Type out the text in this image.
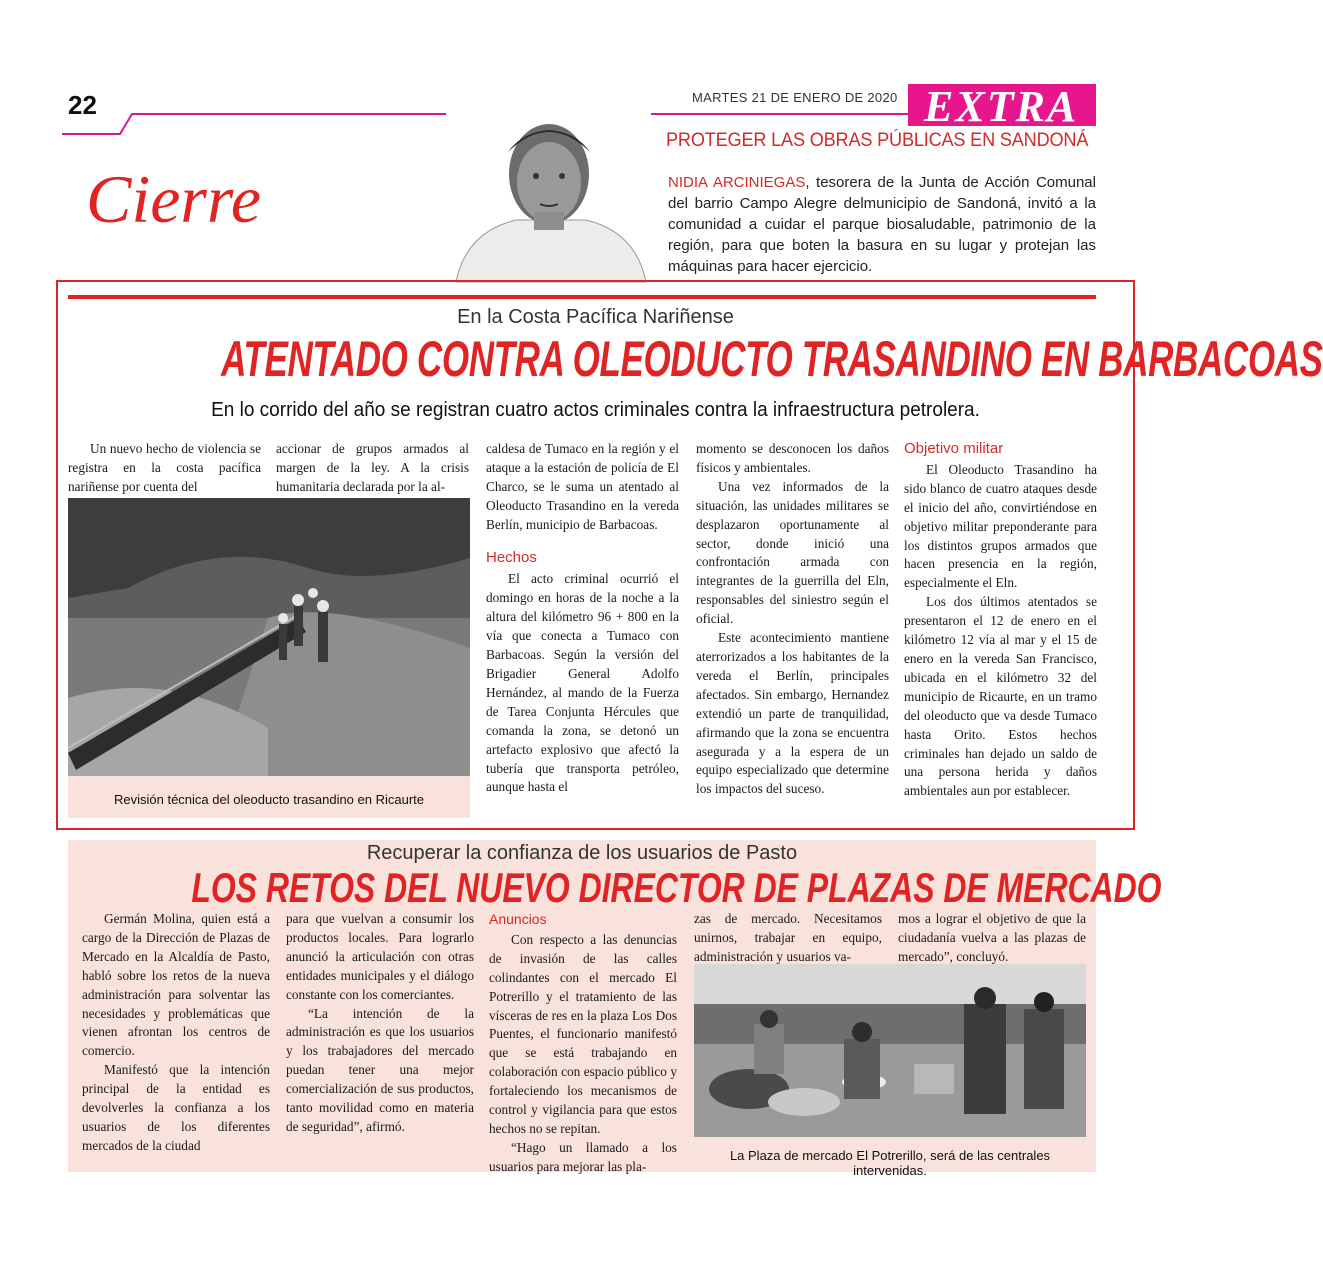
22	MARTES 21 DE ENERO DE 2020 EXTRA
Cierre
PROTEGER LAS OBRAS PÚBLICAS EN SANDONÁ
NIDIA ARCINIEGAS, tesorera de la Junta de Acción Comunal del barrio Campo Alegre delmunicipio de Sandoná, invitó a la comunidad a cuidar el parque biosaludable, patrimonio de la región, para que boten la basura en su lugar y protejan las máquinas para hacer ejercicio.
En la Costa Pacífica Nariñense
ATENTADO CONTRA OLEODUCTO TRASANDINO EN BARBACOAS
En lo corrido del año se registran cuatro actos criminales contra la infraestructura petrolera.

Un nuevo hecho de violencia se registra en la costa pacífica nariñense por cuenta del

accionar de grupos armados al margen de la ley. A la crisis humanitaria declarada por la al-

Revisión técnica del oleoducto trasandino en Ricaurte

caldesa de Tumaco en la región y el ataque a la estación de policía de El Charco, se le suma un atentado al Oleoducto Trasandino en la vereda Berlín, municipio de Barbacoas.

Hechos

El acto criminal ocurrió el domingo en horas de la noche a la altura del kilómetro 96 + 800 en la vía que conecta a Tumaco con Barbacoas. Según la versión del Brigadier General Adolfo Hernández, al mando de la Fuerza de Tarea Conjunta Hércules que comanda la zona, se detonó un artefacto explosivo que afectó la tubería que transporta petróleo, aunque hasta el

momento se desconocen los daños físicos y ambientales.

Una vez informados de la situación, las unidades militares se desplazaron oportunamente al sector, donde inició una confrontación armada con integrantes de la guerrilla del Eln, responsables del siniestro según el oficial.

Este acontecimiento mantiene aterrorizados a los habitantes de la vereda el Berlín, principales afectados. Sin embargo, Hernandez extendió un parte de tranquilidad, afirmando que la zona se encuentra asegurada y a la espera de un equipo especializado que determine los impactos del suceso.

Objetivo militar

El Oleoducto Trasandino ha sido blanco de cuatro ataques desde el inicio del año, convirtiéndose en objetivo militar preponderante para los distintos grupos armados que hacen presencia en la región, especialmente el Eln.

Los dos últimos atentados se presentaron el 12 de enero en el kilómetro 12 vía al mar y el 15 de enero en la vereda San Francisco, ubicada en el kilómetro 32 del municipio de Ricaurte, en un tramo del oleoducto que va desde Tumaco hasta Orito. Estos hechos criminales han dejado un saldo de una persona herida y daños ambientales aun por establecer.

Recuperar la confianza de los usuarios de Pasto
LOS RETOS DEL NUEVO DIRECTOR DE PLAZAS DE MERCADO

Germán Molina, quien está a cargo de la Dirección de Plazas de Mercado en la Alcaldía de Pasto, habló sobre los retos de la nueva administración para solventar las necesidades y problemáticas que vienen afrontan los centros de comercio.

Manifestó que la intención principal de la entidad es devolverles la confianza a los usuarios de los diferentes mercados de la ciudad

para que vuelvan a consumir los productos locales. Para lograrlo anunció la articulación con otras entidades municipales y el diálogo constante con los comerciantes.

“La intención de la administración es que los usuarios y los trabajadores del mercado puedan tener una mejor comercialización de sus productos, tanto movilidad como en materia de seguridad”, afirmó.

Anuncios

Con respecto a las denuncias de invasión de las calles colindantes con el mercado El Potrerillo y el tratamiento de las vísceras de res en la plaza Los Dos Puentes, el funcionario manifestó que se está trabajando en colaboración con espacio público y fortaleciendo los mecanismos de control y vigilancia para que estos hechos no se repitan.

“Hago un llamado a los usuarios para mejorar las pla-

zas de mercado. Necesitamos unirnos, trabajar en equipo, administración y usuarios va-

mos a lograr el objetivo de que la ciudadanía vuelva a las plazas de mercado”, concluyó.

La Plaza de mercado El Potrerillo, será de las centrales intervenidas.
